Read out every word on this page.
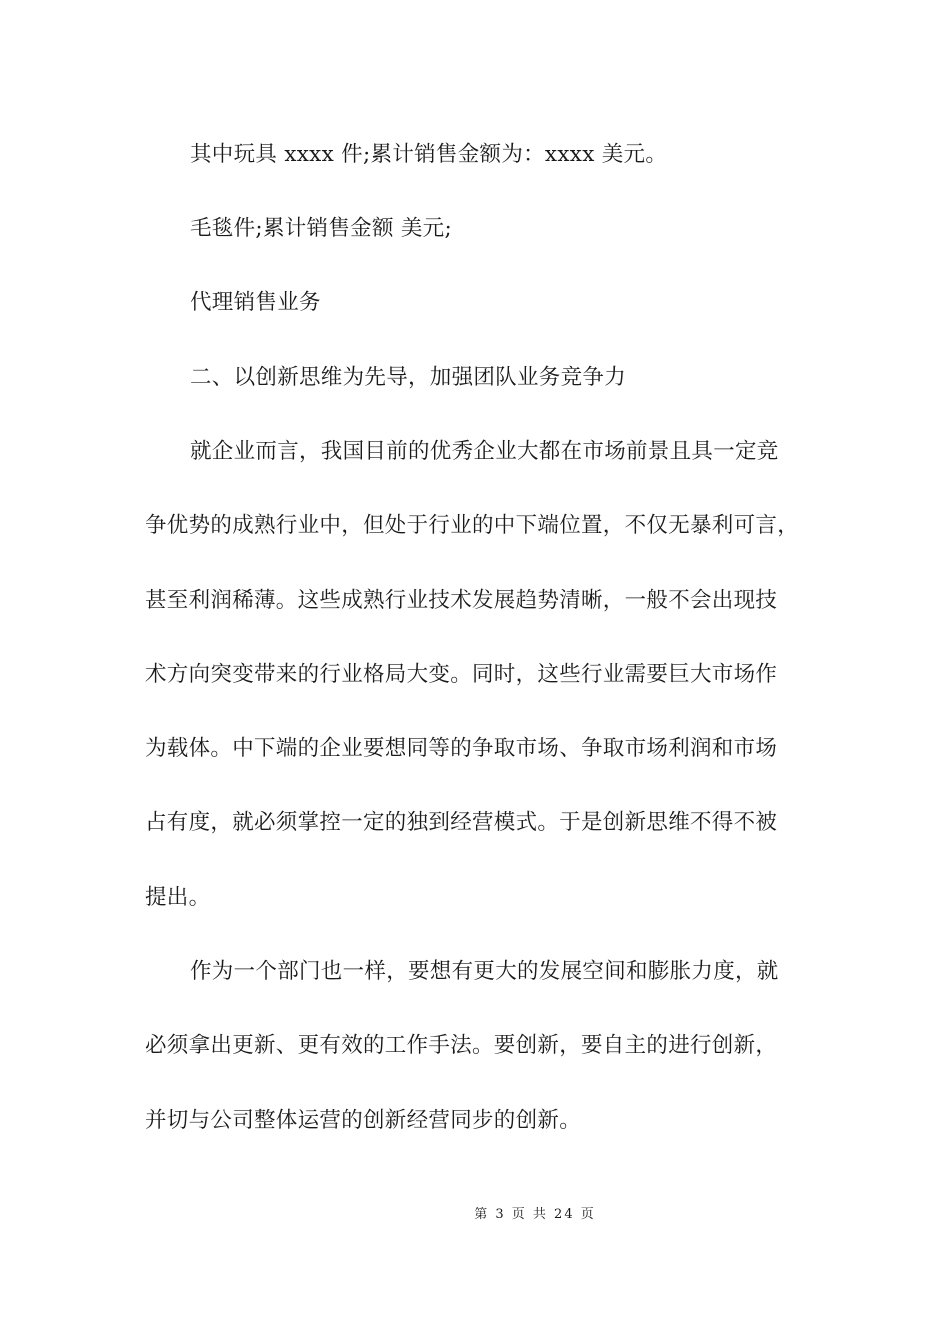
其中玩具 xxxx 件;累计销售金额为：xxxx 美元。
毛毯件;累计销售金额 美元;
代理销售业务
二、以创新思维为先导，加强团队业务竞争力
就企业而言，我国目前的优秀企业大都在市场前景且具一定竞
争优势的成熟行业中，但处于行业的中下端位置，不仅无暴利可言，
甚至利润稀薄。这些成熟行业技术发展趋势清晰，一般不会出现技
术方向突变带来的行业格局大变。同时，这些行业需要巨大市场作
为载体。中下端的企业要想同等的争取市场、争取市场利润和市场
占有度，就必须掌控一定的独到经营模式。于是创新思维不得不被
提出。
作为一个部门也一样，要想有更大的发展空间和膨胀力度，就
必须拿出更新、更有效的工作手法。要创新，要自主的进行创新，
并切与公司整体运营的创新经营同步的创新。
第 3 页 共 24 页
